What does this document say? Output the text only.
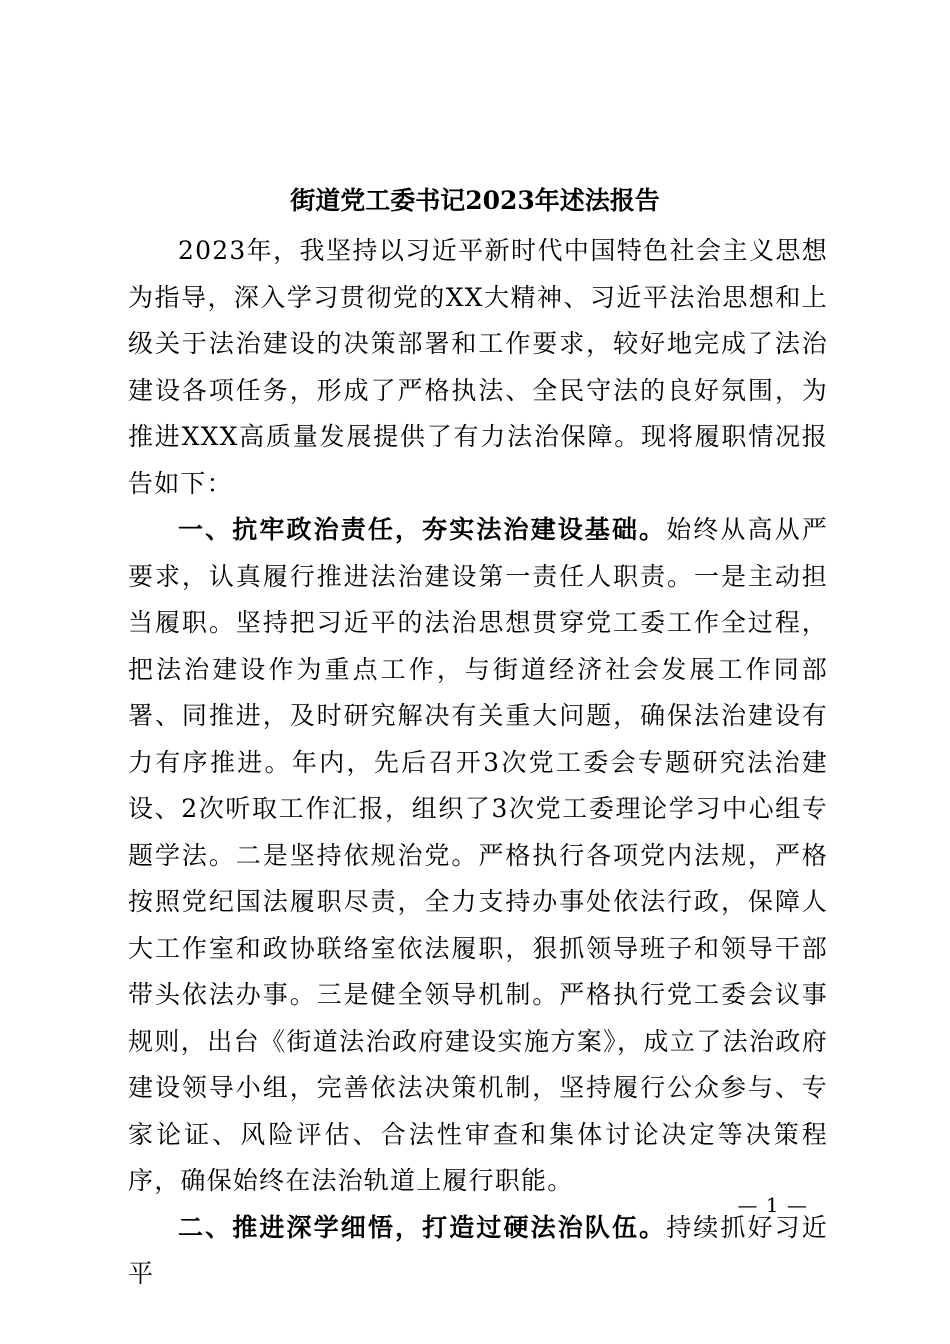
街道党工委书记2023年述法报告

2023年，我坚持以习近平新时代中国特色社会主义思想为指导，深入学习贯彻党的XX大精神、习近平法治思想和上级关于法治建设的决策部署和工作要求，较好地完成了法治建设各项任务，形成了严格执法、全民守法的良好氛围，为推进XXX高质量发展提供了有力法治保障。现将履职情况报告如下：

一、抗牢政治责任，夯实法治建设基础。始终从高从严要求，认真履行推进法治建设第一责任人职责。一是主动担当履职。坚持把习近平的法治思想贯穿党工委工作全过程，把法治建设作为重点工作，与街道经济社会发展工作同部署、同推进，及时研究解决有关重大问题，确保法治建设有力有序推进。年内，先后召开3次党工委会专题研究法治建设、2次听取工作汇报，组织了3次党工委理论学习中心组专题学法。二是坚持依规治党。严格执行各项党内法规，严格按照党纪国法履职尽责，全力支持办事处依法行政，保障人大工作室和政协联络室依法履职，狠抓领导班子和领导干部带头依法办事。三是健全领导机制。严格执行党工委会议事规则，出台《街道法治政府建设实施方案》，成立了法治政府建设领导小组，完善依法决策机制，坚持履行公众参与、专家论证、风险评估、合法性审查和集体讨论决定等决策程序，确保始终在法治轨道上履行职能。

二、推进深学细悟，打造过硬法治队伍。持续抓好习近平

— 1 —
